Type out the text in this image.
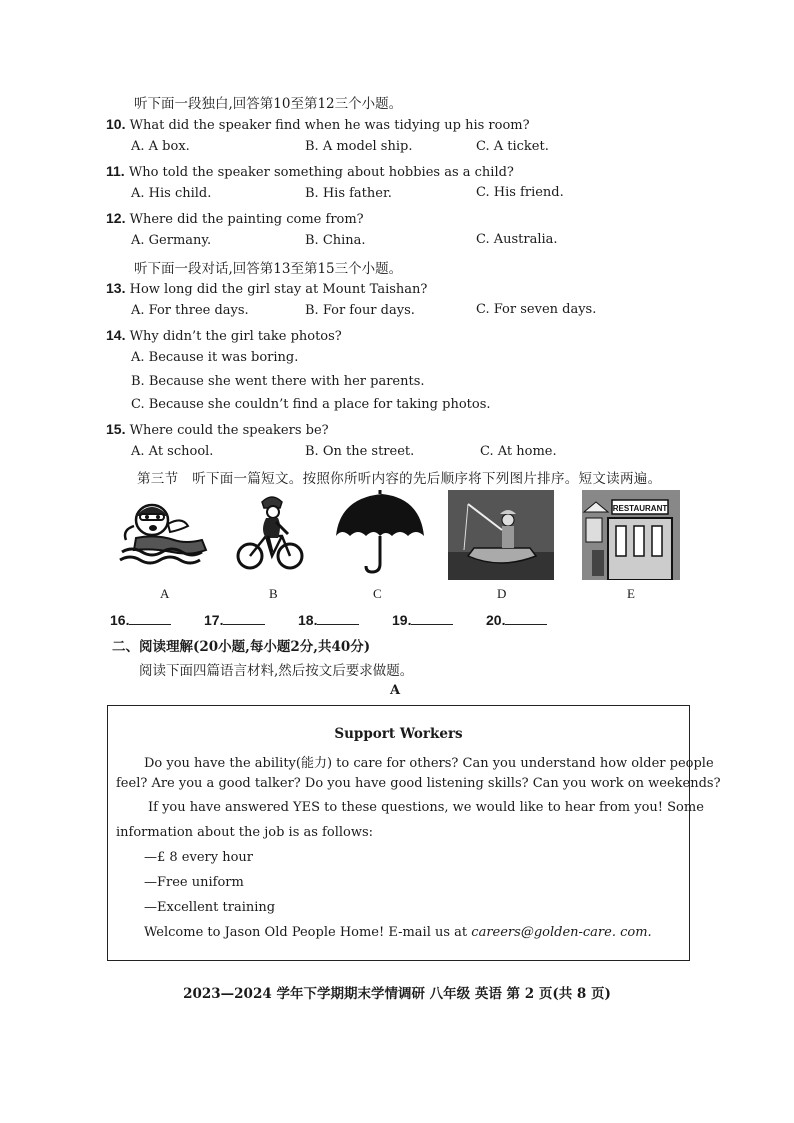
听下面一段独白,回答第10至第12三个小题。
10. What did the speaker find when he was tidying up his room?
A. A box.	B. A model ship.	C. A ticket.
11. Who told the speaker something about hobbies as a child?
A. His child.	B. His father.	C. His friend.
12. Where did the painting come from?
A. Germany.	B. China.	C. Australia.
听下面一段对话,回答第13至第15三个小题。
13. How long did the girl stay at Mount Taishan?
A. For three days.	B. For four days.	C. For seven days.
14. Why didn’t the girl take photos?
A. Because it was boring.
B. Because she went there with her parents.
C. Because she couldn’t find a place for taking photos.
15. Where could the speakers be?
A. At school.	B. On the street.	C. At home.
第三节 听下面一篇短文。按照你所听内容的先后顺序将下列图片排序。短文读两遍。
RESTAURANT
A	B	C	D	E
16.	17.	18.	19.	20.
二、阅读理解(20小题,每小题2分,共40分)
阅读下面四篇语言材料,然后按文后要求做题。
A
Support Workers
Do you have the ability(能力) to care for others? Can you understand how older people
feel? Are you a good talker? Do you have good listening skills? Can you work on weekends?
If you have answered YES to these questions, we would like to hear from you! Some
information about the job is as follows:
—£ 8 every hour
—Free uniform
—Excellent training
Welcome to Jason Old People Home! E-mail us at careers@golden-care. com.
2023—2024 学年下学期期末学情调研 八年级 英语 第 2 页(共 8 页)
